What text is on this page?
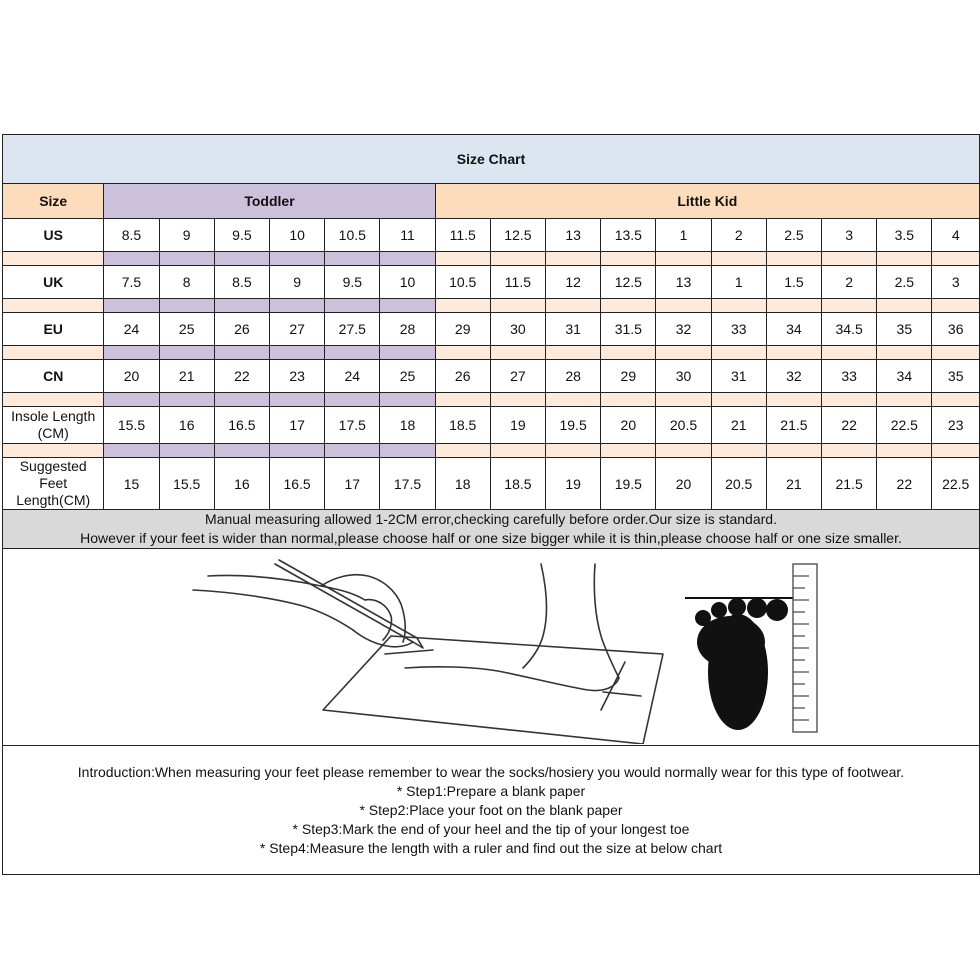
Size Chart																
Size	Toddler						Little Kid									
US	8.5	9	9.5	10	10.5	11	11.5	12.5	13	13.5	1	2	2.5	3	3.5	4

UK	7.5	8	8.5	9	9.5	10	10.5	11.5	12	12.5	13	1	1.5	2	2.5	3

EU	24	25	26	27	27.5	28	29	30	31	31.5	32	33	34	34.5	35	36

CN	20	21	22	23	24	25	26	27	28	29	30	31	32	33	34	35

Insole Length
(CM)	15.5	16	16.5	17	17.5	18	18.5	19	19.5	20	20.5	21	21.5	22	22.5	23

Suggested
Feet Length(CM)	15	15.5	16	16.5	17	17.5	18	18.5	19	19.5	20	20.5	21	21.5	22	22.5

Manual measuring allowed 1-2CM error,checking carefully before order.Our size is standard.
However if your feet is wider than normal,please choose half or one size bigger while it is thin,please choose half or one size smaller.																

Introduction:When measuring your feet please remember to wear the socks/hosiery you would normally wear for this type of footwear.
* Step1:Prepare a blank paper
* Step2:Place your foot on the blank paper
* Step3:Mark the end of your heel and the tip of your longest toe
* Step4:Measure the length with a ruler and find out the size at below chart																
